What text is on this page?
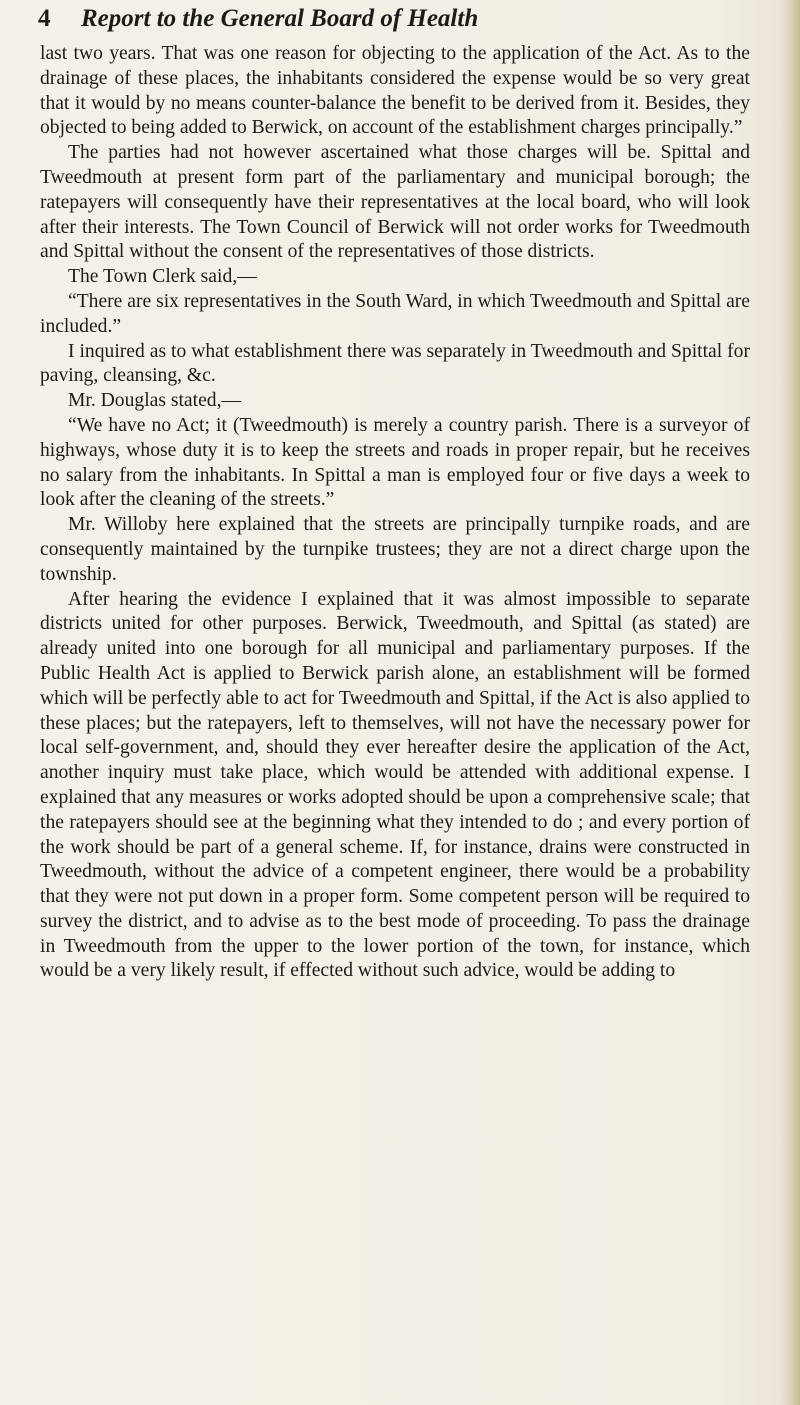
4 Report to the General Board of Health

last two years. That was one reason for objecting to the application of the Act. As to the drainage of these places, the inhabitants considered the expense would be so very great that it would by no means counter-balance the benefit to be derived from it. Besides, they objected to being added to Berwick, on account of the establishment charges principally.”

The parties had not however ascertained what those charges will be. Spittal and Tweedmouth at present form part of the parliamentary and municipal borough; the ratepayers will consequently have their representatives at the local board, who will look after their interests. The Town Council of Berwick will not order works for Tweedmouth and Spittal without the consent of the representatives of those districts.

The Town Clerk said,—

“There are six representatives in the South Ward, in which Tweedmouth and Spittal are included.”

I inquired as to what establishment there was separately in Tweedmouth and Spittal for paving, cleansing, &c.

Mr. Douglas stated,—

“We have no Act; it (Tweedmouth) is merely a country parish. There is a surveyor of highways, whose duty it is to keep the streets and roads in proper repair, but he receives no salary from the inhabitants. In Spittal a man is employed four or five days a week to look after the cleaning of the streets.”

Mr. Willoby here explained that the streets are principally turnpike roads, and are consequently maintained by the turnpike trustees; they are not a direct charge upon the township.

After hearing the evidence I explained that it was almost impossible to separate districts united for other purposes. Berwick, Tweedmouth, and Spittal (as stated) are already united into one borough for all municipal and parliamentary purposes. If the Public Health Act is applied to Berwick parish alone, an establishment will be formed which will be perfectly able to act for Tweedmouth and Spittal, if the Act is also applied to these places; but the ratepayers, left to themselves, will not have the necessary power for local self-government, and, should they ever hereafter desire the application of the Act, another inquiry must take place, which would be attended with additional expense. I explained that any measures or works adopted should be upon a comprehensive scale; that the ratepayers should see at the beginning what they intended to do ; and every portion of the work should be part of a general scheme. If, for instance, drains were constructed in Tweedmouth, without the advice of a competent engineer, there would be a probability that they were not put down in a proper form. Some competent person will be required to survey the district, and to advise as to the best mode of proceeding. To pass the drainage in Tweedmouth from the upper to the lower portion of the town, for instance, which would be a very likely result, if effected without such advice, would be adding to
